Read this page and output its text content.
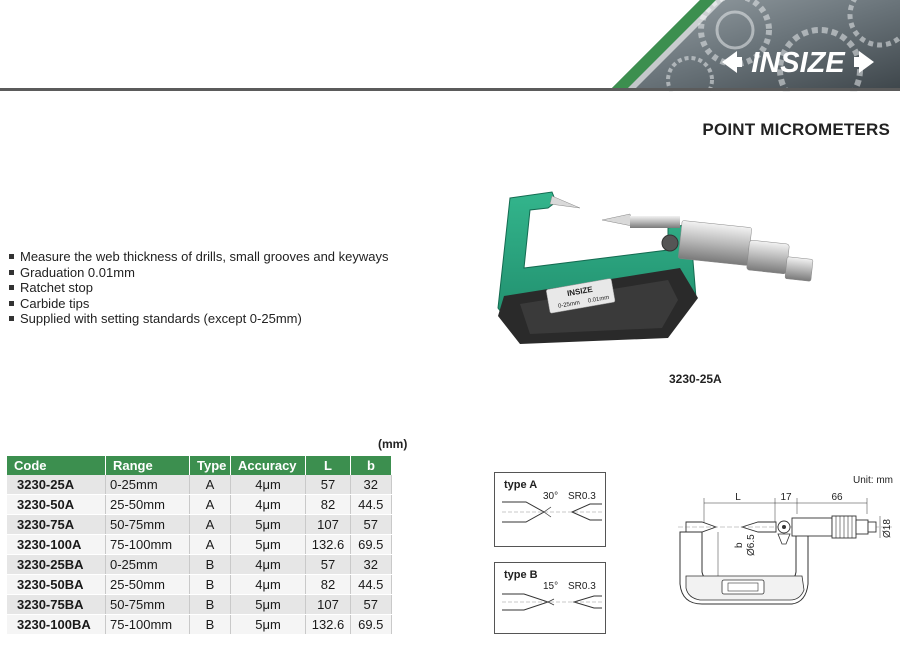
INSIZE
POINT MICROMETERS
Measure the web thickness of drills, small grooves and keyways
Graduation 0.01mm
Ratchet stop
Carbide tips
Supplied with setting standards (except 0-25mm)
INSIZE
0-25mm
0.01mm
3230-25A
(mm)
Code	Range	Type	Accuracy	L	b
3230-25A	0-25mm	A	4μm	57	32
3230-50A	25-50mm	A	4μm	82	44.5
3230-75A	50-75mm	A	5μm	107	57
3230-100A	75-100mm	A	5μm	132.6	69.5
3230-25BA	0-25mm	B	4μm	57	32
3230-50BA	25-50mm	B	4μm	82	44.5
3230-75BA	50-75mm	B	5μm	107	57
3230-100BA	75-100mm	B	5μm	132.6	69.5
type A
30° SR0.3
type B
15° SR0.3
Unit: mm
L	17	66
b Ø6.5
Ø18
